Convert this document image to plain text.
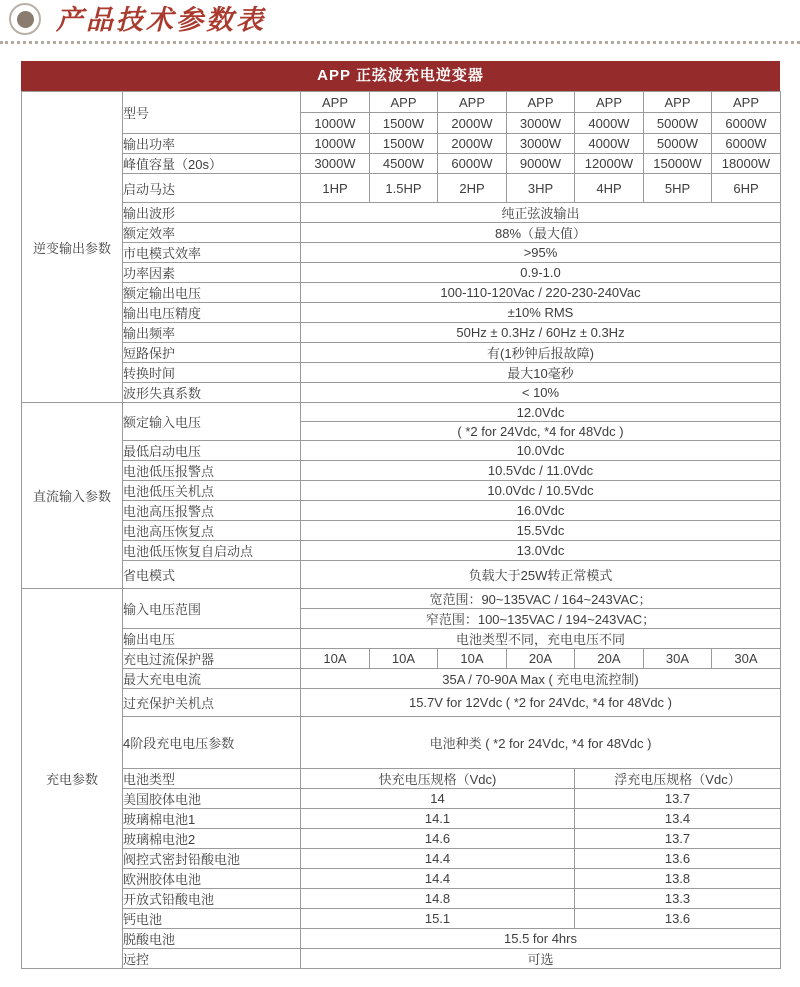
产品技术参数表
APP 正弦波充电逆变器
逆变输出参数	型号	APP	APP	APP	APP	APP	APP	APP
		1000W	1500W	2000W	3000W	4000W	5000W	6000W
	输出功率	1000W	1500W	2000W	3000W	4000W	5000W	6000W
	峰值容量（20s）	3000W	4500W	6000W	9000W	12000W	15000W	18000W
	启动马达	1HP	1.5HP	2HP	3HP	4HP	5HP	6HP
	输出波形	纯正弦波输出						
	额定效率	88%（最大值）						
	市电模式效率	>95%						
	功率因素	0.9-1.0						
	额定输出电压	100-110-120Vac / 220-230-240Vac						
	输出电压精度	±10% RMS						
	输出频率	50Hz ± 0.3Hz / 60Hz ± 0.3Hz						
	短路保护	有(1秒钟后报故障)						
	转换时间	最大10毫秒						
	波形失真系数	< 10%						
直流输入参数	额定输入电压	12.0Vdc						
		( *2 for 24Vdc, *4 for 48Vdc )						
	最低启动电压	10.0Vdc						
	电池低压报警点	10.5Vdc / 11.0Vdc						
	电池低压关机点	10.0Vdc / 10.5Vdc						
	电池高压报警点	16.0Vdc						
	电池高压恢复点	15.5Vdc						
	电池低压恢复自启动点	13.0Vdc						
	省电模式	负载大于25W转正常模式						
充电参数	输入电压范围	宽范围：90~135VAC / 164~243VAC；						
		窄范围：100~135VAC / 194~243VAC；						
	输出电压	电池类型不同，充电电压不同						
	充电过流保护器	10A	10A	10A	20A	20A	30A	30A
	最大充电电流	35A / 70-90A Max ( 充电电流控制)						
	过充保护关机点	15.7V for 12Vdc ( *2 for 24Vdc, *4 for 48Vdc )						
	4阶段充电电压参数	电池种类 ( *2 for 24Vdc, *4 for 48Vdc )						
	电池类型	快充电压规格（Vdc)				浮充电压规格（Vdc）		
	美国胶体电池	14				13.7		
	玻璃棉电池1	14.1				13.4		
	玻璃棉电池2	14.6				13.7		
	阀控式密封铅酸电池	14.4				13.6		
	欧洲胶体电池	14.4				13.8		
	开放式铅酸电池	14.8				13.3		
	钙电池	15.1				13.6		
	脱酸电池	15.5 for 4hrs						
	远控	可选						
